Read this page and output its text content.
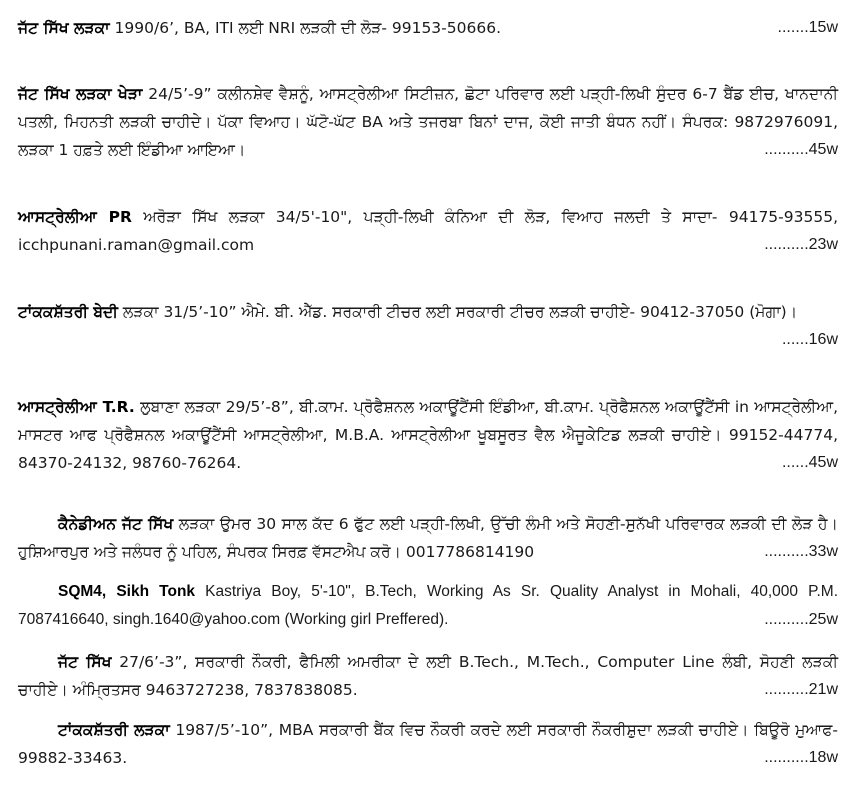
ਜੱਟ ਸਿੱਖ ਲੜਕਾ 1990/6’, BA, ITI ਲਈ NRI ਲੜਕੀ ਦੀ ਲੋੜ- 99153-50666.	.......15w
ਜੱਟ ਸਿੱਖ ਲੜਕਾ ਖੇੜਾ 24/5’-9” ਕਲੀਨਸ਼ੇਵ ਵੈਸ਼ਨੂੰ, ਆਸਟ੍ਰੇਲੀਆ ਸਿਟੀਜ਼ਨ, ਛੋਟਾ ਪਰਿਵਾਰ ਲਈ ਪੜ੍ਹੀ-ਲਿਖੀ ਸੁੰਦਰ 6-7 ਬੈਂਡ ਈਚ, ਖਾਨਦਾਨੀ ਪਤਲੀ, ਮਿਹਨਤੀ ਲੜਕੀ ਚਾਹੀਦੇ। ਪੱਕਾ ਵਿਆਹ। ਘੱਟੋ-ਘੱਟ BA ਅਤੇ ਤਜਰਬਾ ਬਿਨਾਂ ਦਾਜ, ਕੋਈ ਜਾਤੀ ਬੰਧਨ ਨਹੀਂ। ਸੰਪਰਕ: 9872976091, ਲੜਕਾ 1 ਹਫ਼ਤੇ ਲਈ ਇੰਡੀਆ ਆਇਆ।	..........45w
ਆਸਟ੍ਰੇਲੀਆ PR ਅਰੋੜਾ ਸਿੱਖ ਲੜਕਾ 34/5'-10", ਪੜ੍ਹੀ-ਲਿਖੀ ਕੰਨਿਆ ਦੀ ਲੋੜ, ਵਿਆਹ ਜਲਦੀ ਤੇ ਸਾਦਾ- 94175-93555, icchpunani.raman@gmail.com	..........23w
ਟਾਂਕਕਸ਼ੱਤਰੀ ਬੇਦੀ ਲੜਕਾ 31/5’-10” ਐਮੇ. ਬੀ. ਐੱਡ. ਸਰਕਾਰੀ ਟੀਚਰ ਲਈ ਸਰਕਾਰੀ ਟੀਚਰ ਲੜਕੀ ਚਾਹੀਏ- 90412-37050 (ਮੋਗਾ)।
......16w
ਆਸਟ੍ਰੇਲੀਆ T.R. ਲੁਬਾਣਾ ਲੜਕਾ 29/5’-8”, ਬੀ.ਕਾਮ. ਪ੍ਰੋਫੈਸ਼ਨਲ ਅਕਾਊਂਟੈਂਸੀ ਇੰਡੀਆ, ਬੀ.ਕਾਮ. ਪ੍ਰੋਫੈਸ਼ਨਲ ਅਕਾਊਂਟੈਂਸੀ in ਆਸਟ੍ਰੇਲੀਆ, ਮਾਸਟਰ ਆਫ ਪ੍ਰੋਫੈਸ਼ਨਲ ਅਕਾਊਂਟੈਂਸੀ ਆਸਟ੍ਰੇਲੀਆ, M.B.A. ਆਸਟ੍ਰੇਲੀਆ ਖੂਬਸੂਰਤ ਵੈਲ ਐਜੂਕੇਟਿਡ ਲੜਕੀ ਚਾਹੀਏ। 99152-44774, 84370-24132, 98760-76264.	......45w
ਕੈਨੇਡੀਅਨ ਜੱਟ ਸਿੱਖ ਲੜਕਾ ਉਮਰ 30 ਸਾਲ ਕੱਦ 6 ਫੁੱਟ ਲਈ ਪੜ੍ਹੀ-ਲਿਖੀ, ਉੱਚੀ ਲੰਮੀ ਅਤੇ ਸੋਹਣੀ-ਸੁਨੱਖੀ ਪਰਿਵਾਰਕ ਲੜਕੀ ਦੀ ਲੋੜ ਹੈ। ਹੁਸ਼ਿਆਰਪੁਰ ਅਤੇ ਜਲੰਧਰ ਨੂੰ ਪਹਿਲ, ਸੰਪਰਕ ਸਿਰਫ਼ ਵੱਸਟਐਪ ਕਰੋ। 0017786814190	..........33w
SQM4, Sikh Tonk Kastriya Boy, 5'-10", B.Tech, Working As Sr. Quality Analyst in Mohali, 40,000 P.M. 7087416640, singh.1640@yahoo.com (Working girl Preffered).	..........25w
ਜੱਟ ਸਿੱਖ 27/6’-3”, ਸਰਕਾਰੀ ਨੌਕਰੀ, ਫੈਮਿਲੀ ਅਮਰੀਕਾ ਦੇ ਲਈ B.Tech., M.Tech., Computer Line ਲੰਬੀ, ਸੋਹਣੀ ਲੜਕੀ ਚਾਹੀਏ। ਅੰਮ੍ਰਿਤਸਰ 9463727238, 7837838085.	..........21w
ਟਾਂਕਕਸ਼ੱਤਰੀ ਲੜਕਾ 1987/5’-10”, MBA ਸਰਕਾਰੀ ਬੈਂਕ ਵਿਚ ਨੌਕਰੀ ਕਰਦੇ ਲਈ ਸਰਕਾਰੀ ਨੌਕਰੀਸ਼ੁਦਾ ਲੜਕੀ ਚਾਹੀਏ। ਬਿਊਰੋ ਮੁਆਫ- 99882-33463.	..........18w
